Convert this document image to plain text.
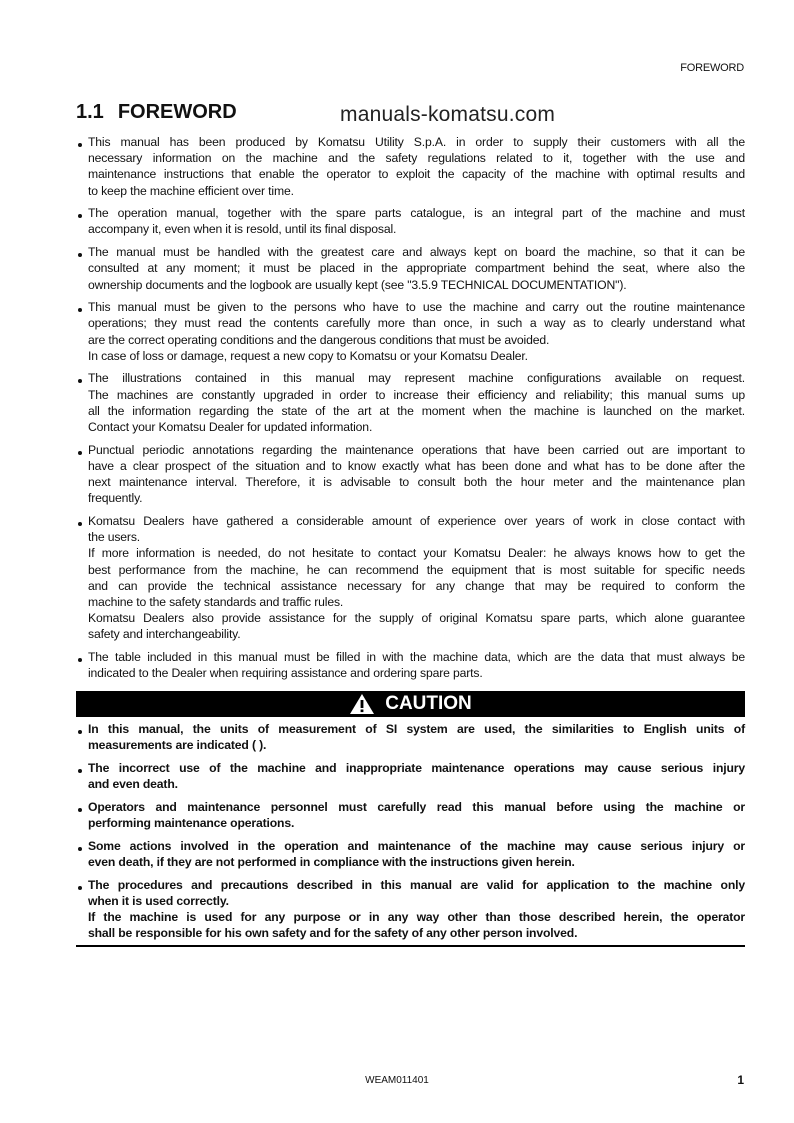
FOREWORD
1.1 FOREWORD	manuals-komatsu.com
This manual has been produced by Komatsu Utility S.p.A. in order to supply their customers with all the
necessary information on the machine and the safety regulations related to it, together with the use and
maintenance instructions that enable the operator to exploit the capacity of the machine with optimal results and
to keep the machine efficient over time.
The operation manual, together with the spare parts catalogue, is an integral part of the machine and must
accompany it, even when it is resold, until its final disposal.
The manual must be handled with the greatest care and always kept on board the machine, so that it can be
consulted at any moment; it must be placed in the appropriate compartment behind the seat, where also the
ownership documents and the logbook are usually kept (see "3.5.9 TECHNICAL DOCUMENTATION").
This manual must be given to the persons who have to use the machine and carry out the routine maintenance
operations; they must read the contents carefully more than once, in such a way as to clearly understand what
are the correct operating conditions and the dangerous conditions that must be avoided.
In case of loss or damage, request a new copy to Komatsu or your Komatsu Dealer.
The illustrations contained in this manual may represent machine configurations available on request.
The machines are constantly upgraded in order to increase their efficiency and reliability; this manual sums up
all the information regarding the state of the art at the moment when the machine is launched on the market.
Contact your Komatsu Dealer for updated information.
Punctual periodic annotations regarding the maintenance operations that have been carried out are important to
have a clear prospect of the situation and to know exactly what has been done and what has to be done after the
next maintenance interval. Therefore, it is advisable to consult both the hour meter and the maintenance plan
frequently.
Komatsu Dealers have gathered a considerable amount of experience over years of work in close contact with
the users.
If more information is needed, do not hesitate to contact your Komatsu Dealer: he always knows how to get the
best performance from the machine, he can recommend the equipment that is most suitable for specific needs
and can provide the technical assistance necessary for any change that may be required to conform the
machine to the safety standards and traffic rules.
Komatsu Dealers also provide assistance for the supply of original Komatsu spare parts, which alone guarantee
safety and interchangeability.
The table included in this manual must be filled in with the machine data, which are the data that must always be
indicated to the Dealer when requiring assistance and ordering spare parts.
CAUTION
In this manual, the units of measurement of SI system are used, the similarities to English units of
measurements are indicated ( ).
The incorrect use of the machine and inappropriate maintenance operations may cause serious injury
and even death.
Operators and maintenance personnel must carefully read this manual before using the machine or
performing maintenance operations.
Some actions involved in the operation and maintenance of the machine may cause serious injury or
even death, if they are not performed in compliance with the instructions given herein.
The procedures and precautions described in this manual are valid for application to the machine only
when it is used correctly.
If the machine is used for any purpose or in any way other than those described herein, the operator
shall be responsible for his own safety and for the safety of any other person involved.
WEAM011401	1
